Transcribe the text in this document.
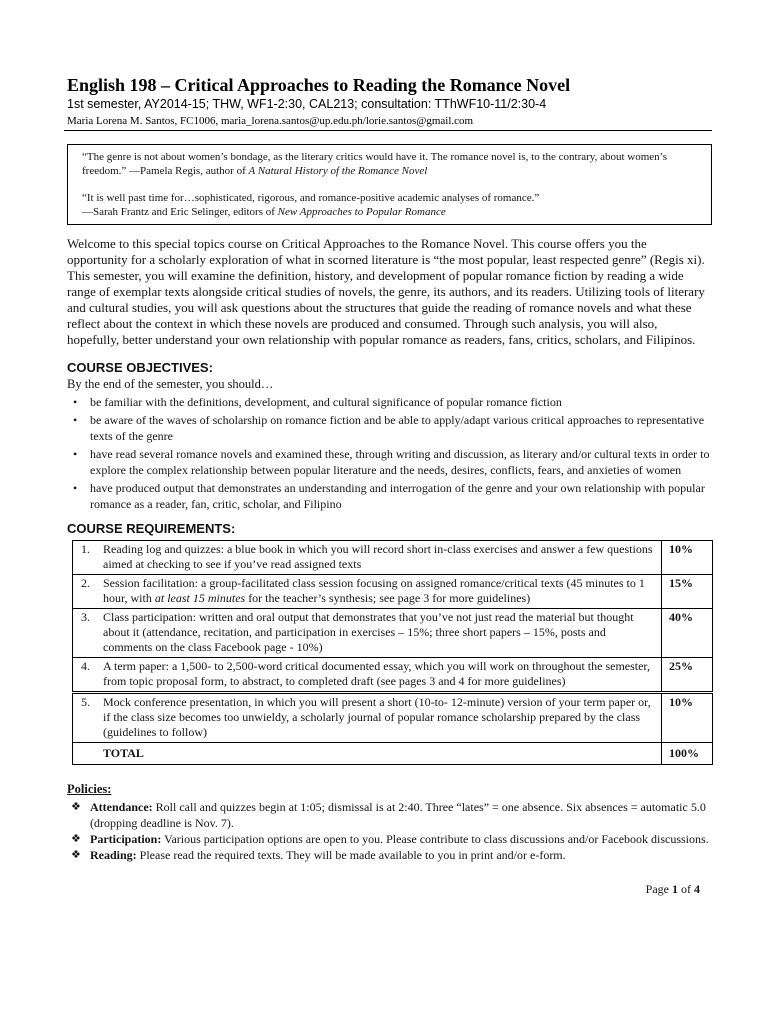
English 198 – Critical Approaches to Reading the Romance Novel
1st semester, AY2014-15; THW, WF1-2:30, CAL213; consultation: TThWF10-11/2:30-4
Maria Lorena M. Santos, FC1006, maria_lorena.santos@up.edu.ph/lorie.santos@gmail.com
“The genre is not about women’s bondage, as the literary critics would have it. The romance novel is, to the contrary, about women’s freedom.” —Pamela Regis, author of A Natural History of the Romance Novel
“It is well past time for…sophisticated, rigorous, and romance-positive academic analyses of romance.”
—Sarah Frantz and Eric Selinger, editors of New Approaches to Popular Romance

Welcome to this special topics course on Critical Approaches to the Romance Novel. This course offers you the opportunity for a scholarly exploration of what in scorned literature is “the most popular, least respected genre” (Regis xi). This semester, you will examine the definition, history, and development of popular romance fiction by reading a wide range of exemplar texts alongside critical studies of novels, the genre, its authors, and its readers. Utilizing tools of literary and cultural studies, you will ask questions about the structures that guide the reading of romance novels and what these reflect about the context in which these novels are produced and consumed. Through such analysis, you will also, hopefully, better understand your own relationship with popular romance as readers, fans, critics, scholars, and Filipinos.

COURSE OBJECTIVES:
By the end of the semester, you should…
• be familiar with the definitions, development, and cultural significance of popular romance fiction
• be aware of the waves of scholarship on romance fiction and be able to apply/adapt various critical approaches to representative texts of the genre
• have read several romance novels and examined these, through writing and discussion, as literary and/or cultural texts in order to explore the complex relationship between popular literature and the needs, desires, conflicts, fears, and anxieties of women
• have produced output that demonstrates an understanding and interrogation of the genre and your own relationship with popular romance as a reader, fan, critic, scholar, and Filipino
COURSE REQUIREMENTS:
1. Reading log and quizzes: a blue book in which you will record short in-class exercises and answer a few questions aimed at checking to see if you’ve read assigned texts	10%

2. Session facilitation: a group-facilitated class session focusing on assigned romance/critical texts (45 minutes to 1 hour, with at least 15 minutes for the teacher’s synthesis; see page 3 for more guidelines)	15%

3. Class participation: written and oral output that demonstrates that you’ve not just read the material but thought about it (attendance, recitation, and participation in exercises – 15%; three short papers – 15%, posts and comments on the class Facebook page - 10%)	40%

4. A term paper: a 1,500- to 2,500-word critical documented essay, which you will work on throughout the semester, from topic proposal form, to abstract, to completed draft (see pages 3 and 4 for more guidelines)	25%

5. Mock conference presentation, in which you will present a short (10-to- 12-minute) version of your term paper or, if the class size becomes too unwieldy, a scholarly journal of popular romance scholarship prepared by the class (guidelines to follow)	10%
TOTAL	100%
Policies:
❖ Attendance: Roll call and quizzes begin at 1:05; dismissal is at 2:40. Three “lates” = one absence. Six absences = automatic 5.0 (dropping deadline is Nov. 7).
❖ Participation: Various participation options are open to you. Please contribute to class discussions and/or Facebook discussions.
❖ Reading: Please read the required texts. They will be made available to you in print and/or e-form.
Page 1 of 4
